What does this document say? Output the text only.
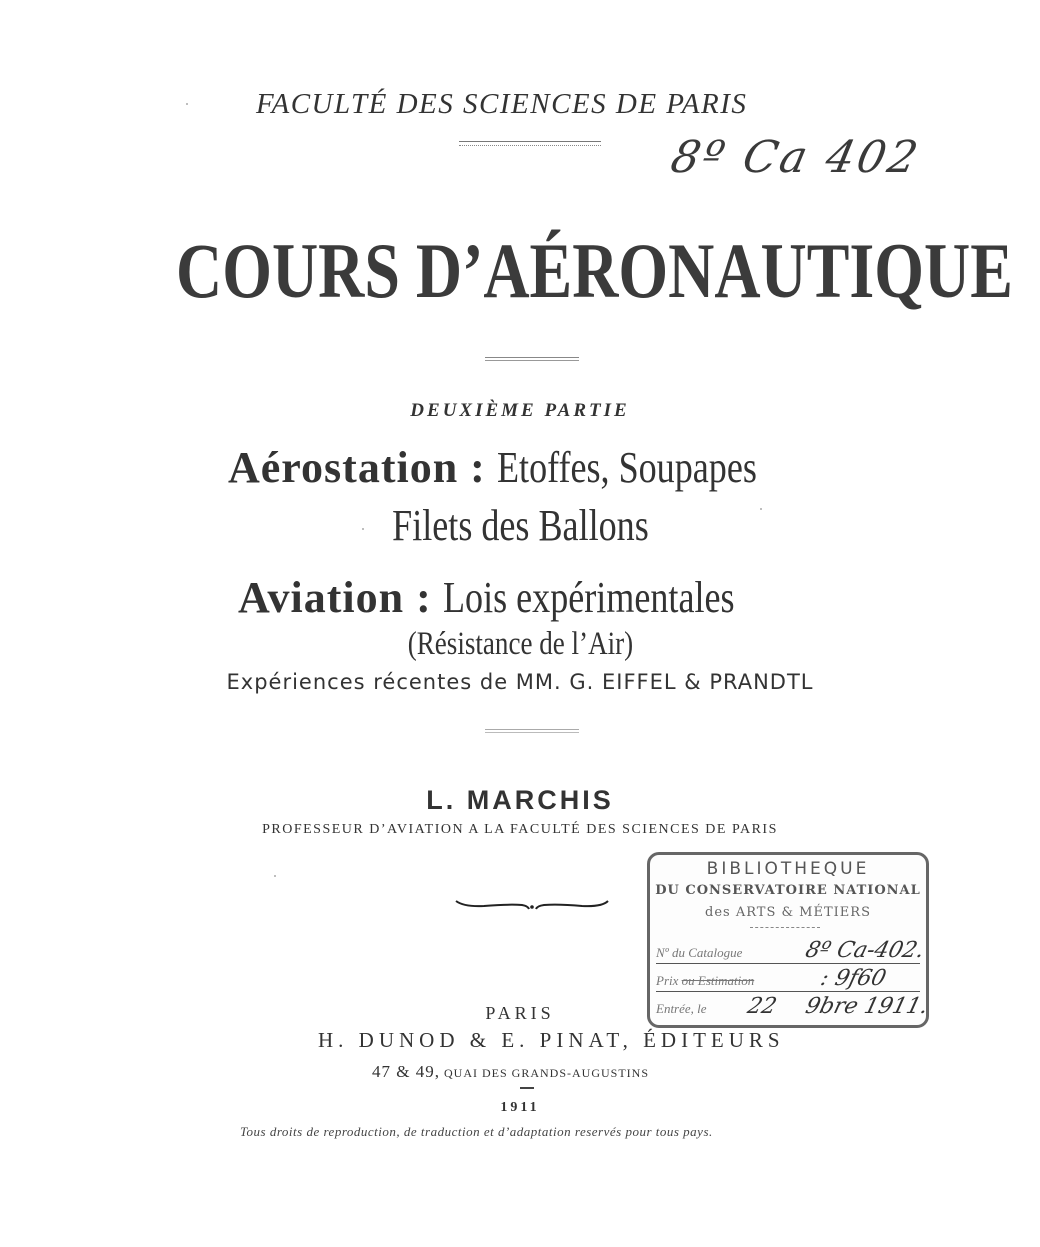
FACULTÉ DES SCIENCES DE PARIS
8º Ca 402
COURS D’AÉRONAUTIQUE
DEUXIÈME PARTIE
Aérostation : Etoffes, Soupapes
Filets des Ballons
Aviation : Lois expérimentales
(Résistance de l’Air)
Expériences récentes de MM. G. EIFFEL & PRANDTL
L. MARCHIS
PROFESSEUR D’AVIATION A LA FACULTÉ DES SCIENCES DE PARIS
BIBLIOTHEQUE
DU CONSERVATOIRE NATIONAL
des ARTS & MÉTIERS
Nº du Catalogue	8º Ca-402.
Prix ou Estimation	: 9f60
Entrée, le 22 9bre 1911.
PARIS
H. DUNOD & E. PINAT, ÉDITEURS
47 & 49, QUAI DES GRANDS-AUGUSTINS
1911
Tous droits de reproduction, de traduction et d’adaptation reservés pour tous pays.
